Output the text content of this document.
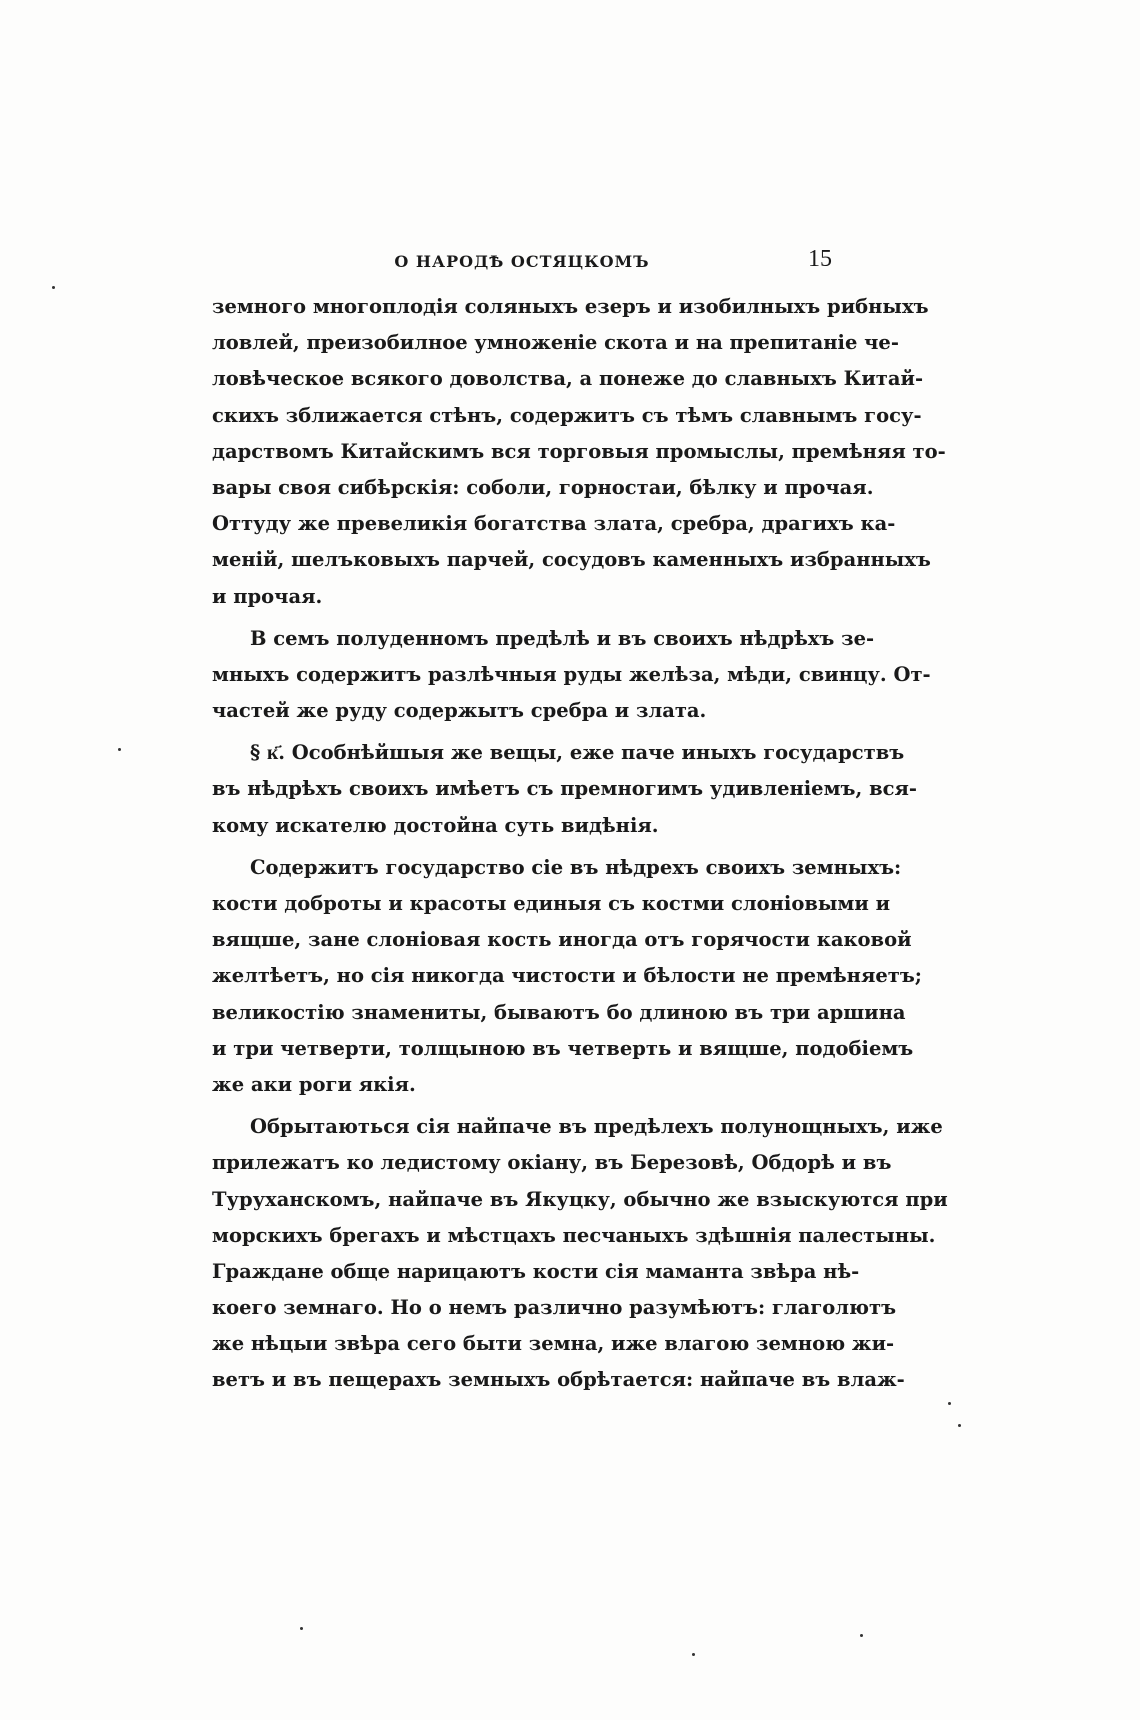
О НАРОДѢ ОСТЯЦКОМЪ	15
земного многоплодія соляныхъ езеръ и изобилныхъ рибныхъ
ловлей, преизобилное умноженіе скота и на препитаніе че-
ловѣческое всякого доволства, а понеже до славныхъ Китай-
скихъ зближается стѣнъ, содержитъ съ тѣмъ славнымъ госу-
дарствомъ Китайскимъ вся торговыя промыслы, премѣняя то-
вары своя сибѣрскія: соболи, горностаи, бѣлку и прочая.
Оттуду же превеликія богатства злата, сребра, драгихъ ка-
меній, шелъковыхъ парчей, сосудовъ каменныхъ избранныхъ
и прочая.
В семъ полуденномъ предѣлѣ и въ своихъ нѣдрѣхъ зе-
мныхъ содержитъ разлѣчныя руды желѣза, мѣди, свинцу. От-
частей же руду содержытъ сребра и злата.
§ к҃. Особнѣйшыя же вещы, еже паче иныхъ государствъ
въ нѣдрѣхъ своихъ имѣетъ съ премногимъ удивленіемъ, вся-
кому искателю достойна суть видѣнія.
Содержитъ государство сіе въ нѣдрехъ своихъ земныхъ:
кости доброты и красоты единыя съ костми слоніовыми и
вящше, зане слоніовая кость иногда отъ горячости каковой
желтѣетъ, но сія никогда чистости и бѣлости не премѣняетъ;
великостію знамениты, бываютъ бо длиною въ три аршина
и три четверти, толщыною въ четверть и вящше, подобіемъ
же аки роги якія.
Обрытаються сія найпаче въ предѣлехъ полунощныхъ, иже
прилежатъ ко ледистому окіану, въ Березовѣ, Обдорѣ и въ
Туруханскомъ, найпаче въ Якуцку, обычно же взыскуются при
морскихъ брегахъ и мѣстцахъ песчаныхъ здѣшнія палестыны.
Граждане обще нарицаютъ кости сія маманта звѣра нѣ-
коего земнаго. Но о немъ различно разумѣютъ: глаголютъ
же нѣцыи звѣра сего быти земна, иже влагою земною жи-
ветъ и въ пещерахъ земныхъ обрѣтается: найпаче въ влаж-
